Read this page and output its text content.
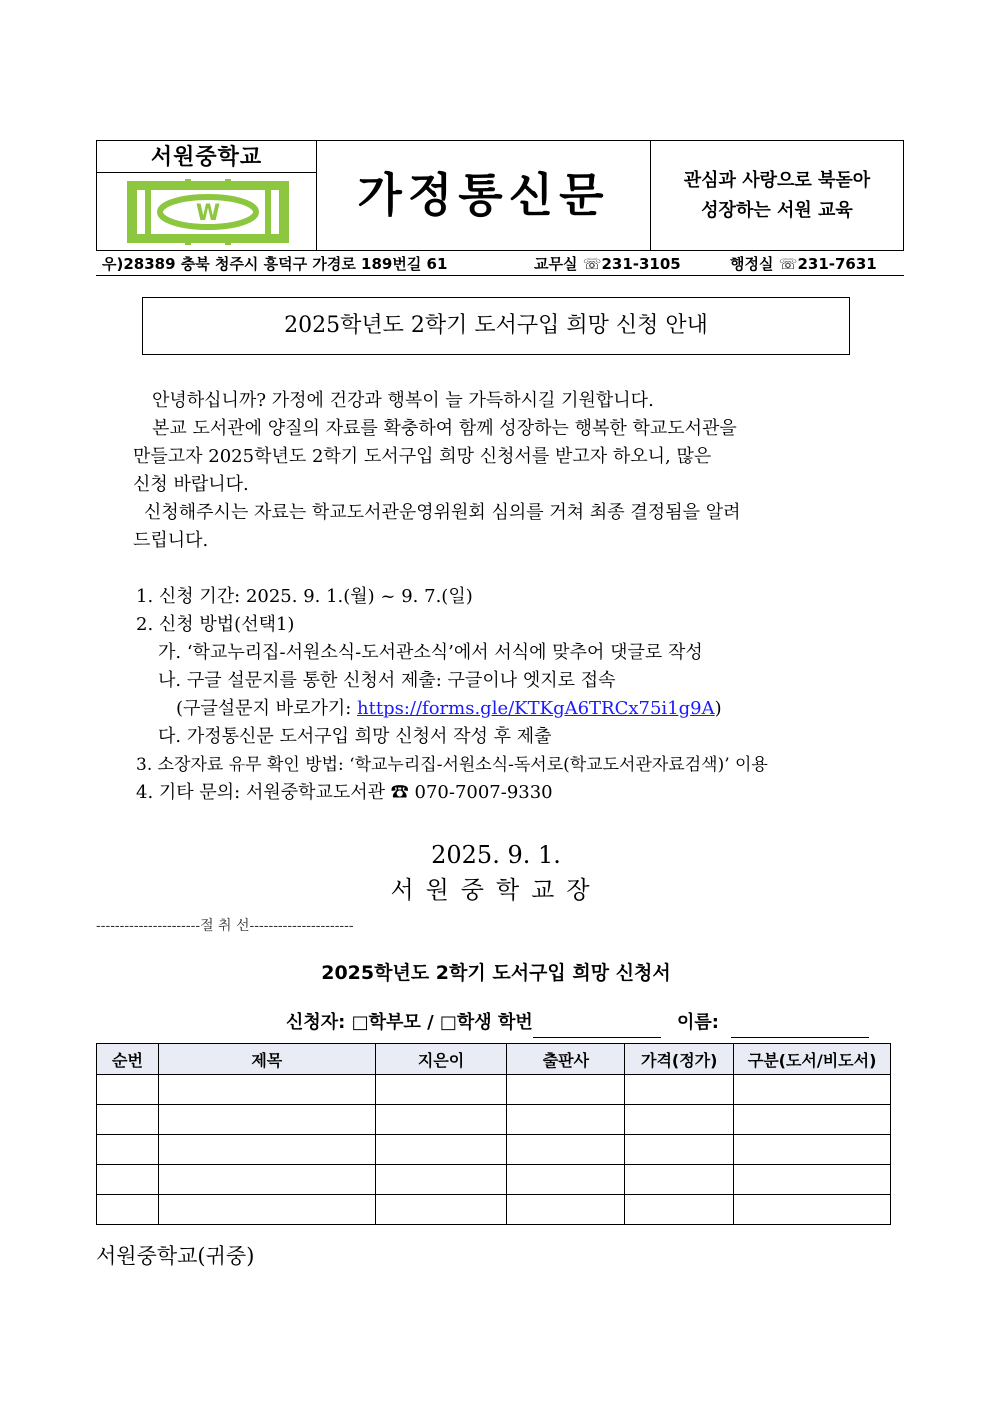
서원중학교
W	가정통신문	관심과 사랑으로 북돋아
성장하는 서원 교육
우)28389 충북 청주시 흥덕구 가경로 189번길 61	교무실 ☏231-3105	행정실 ☏231-7631
2025학년도 2학기 도서구입 희망 신청 안내
안녕하십니까? 가정에 건강과 행복이 늘 가득하시길 기원합니다.
본교 도서관에 양질의 자료를 확충하여 함께 성장하는 행복한 학교도서관을
만들고자 2025학년도 2학기 도서구입 희망 신청서를 받고자 하오니, 많은
신청 바랍니다.
신청해주시는 자료는 학교도서관운영위원회 심의를 거쳐 최종 결정됨을 알려
드립니다.
1. 신청 기간: 2025. 9. 1.(월) ~ 9. 7.(일)
2. 신청 방법(선택1)
가. ‘학교누리집-서원소식-도서관소식’에서 서식에 맞추어 댓글로 작성
나. 구글 설문지를 통한 신청서 제출: 구글이나 엣지로 접속
(구글설문지 바로가기: https://forms.gle/KTKgA6TRCx75i1g9A)
다. 가정통신문 도서구입 희망 신청서 작성 후 제출
3. 소장자료 유무 확인 방법: ‘학교누리집-서원소식-독서로(학교도서관자료검색)’ 이용
4. 기타 문의: 서원중학교도서관 ☎ 070-7007-9330
2025. 9. 1.
서원중학교장
----------------------절 취 선----------------------
2025학년도 2학기 도서구입 희망 신청서
신청자: □학부모 / □학생 학번	이름:
순번	제목	지은이	출판사	가격(정가)	구분(도서/비도서)

서원중학교(귀중)
